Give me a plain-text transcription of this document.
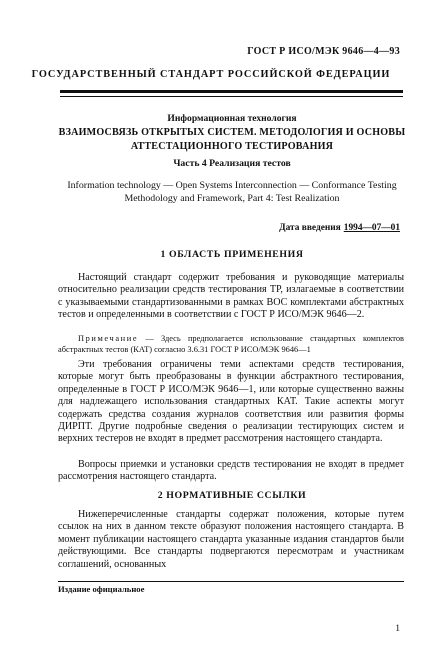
ГОСТ Р ИСО/МЭК 9646—4—93
ГОСУДАРСТВЕННЫЙ СТАНДАРТ РОССИЙСКОЙ ФЕДЕРАЦИИ
Информационная технология
ВЗАИМОСВЯЗЬ ОТКРЫТЫХ СИСТЕМ. МЕТОДОЛОГИЯ И ОСНОВЫ АТТЕСТАЦИОННОГО ТЕСТИРОВАНИЯ
Часть 4 Реализация тестов
Information technology — Open Systems Interconnection — Conformance Testing Methodology and Framework, Part 4: Test Realization
Дата введения 1994—07—01
1 ОБЛАСТЬ ПРИМЕНЕНИЯ

Настоящий стандарт содержит требования и руководящие материалы относительно реализации средств тестирования ТР, излагаемые в соответствии с указываемыми стандартизованными в рамках ВОС комплектами абстрактных тестов и определенными в соответствии с ГОСТ Р ИСО/МЭК 9646—2.

Примечание — Здесь предполагается использование стандартных комплектов абстрактных тестов (КАТ) согласно 3.6.31 ГОСТ Р ИСО/МЭК 9646—1

Эти требования ограничены теми аспектами средств тестирования, которые могут быть преобразованы в функции абстрактного тестирования, определенные в ГОСТ Р ИСО/МЭК 9646—1, или которые существенно важны для надлежащего использования стандартных КАТ. Такие аспекты могут содержать средства создания журналов соответствия или развития формы ДИРПТ. Другие подробные сведения о реализации тестирующих систем и верхних тестеров не входят в предмет рассмотрения настоящего стандарта.

Вопросы приемки и установки средств тестирования не входят в предмет рассмотрения настоящего стандарта.

2 НОРМАТИВНЫЕ ССЫЛКИ

Нижеперечисленные стандарты содержат положения, которые путем ссылок на них в данном тексте образуют положения настоящего стандарта. В момент публикации настоящего стандарта указанные издания стандартов были действующими. Все стандарты подвергаются пересмотрам и участникам соглашений, основанных

Издание официальное
1
